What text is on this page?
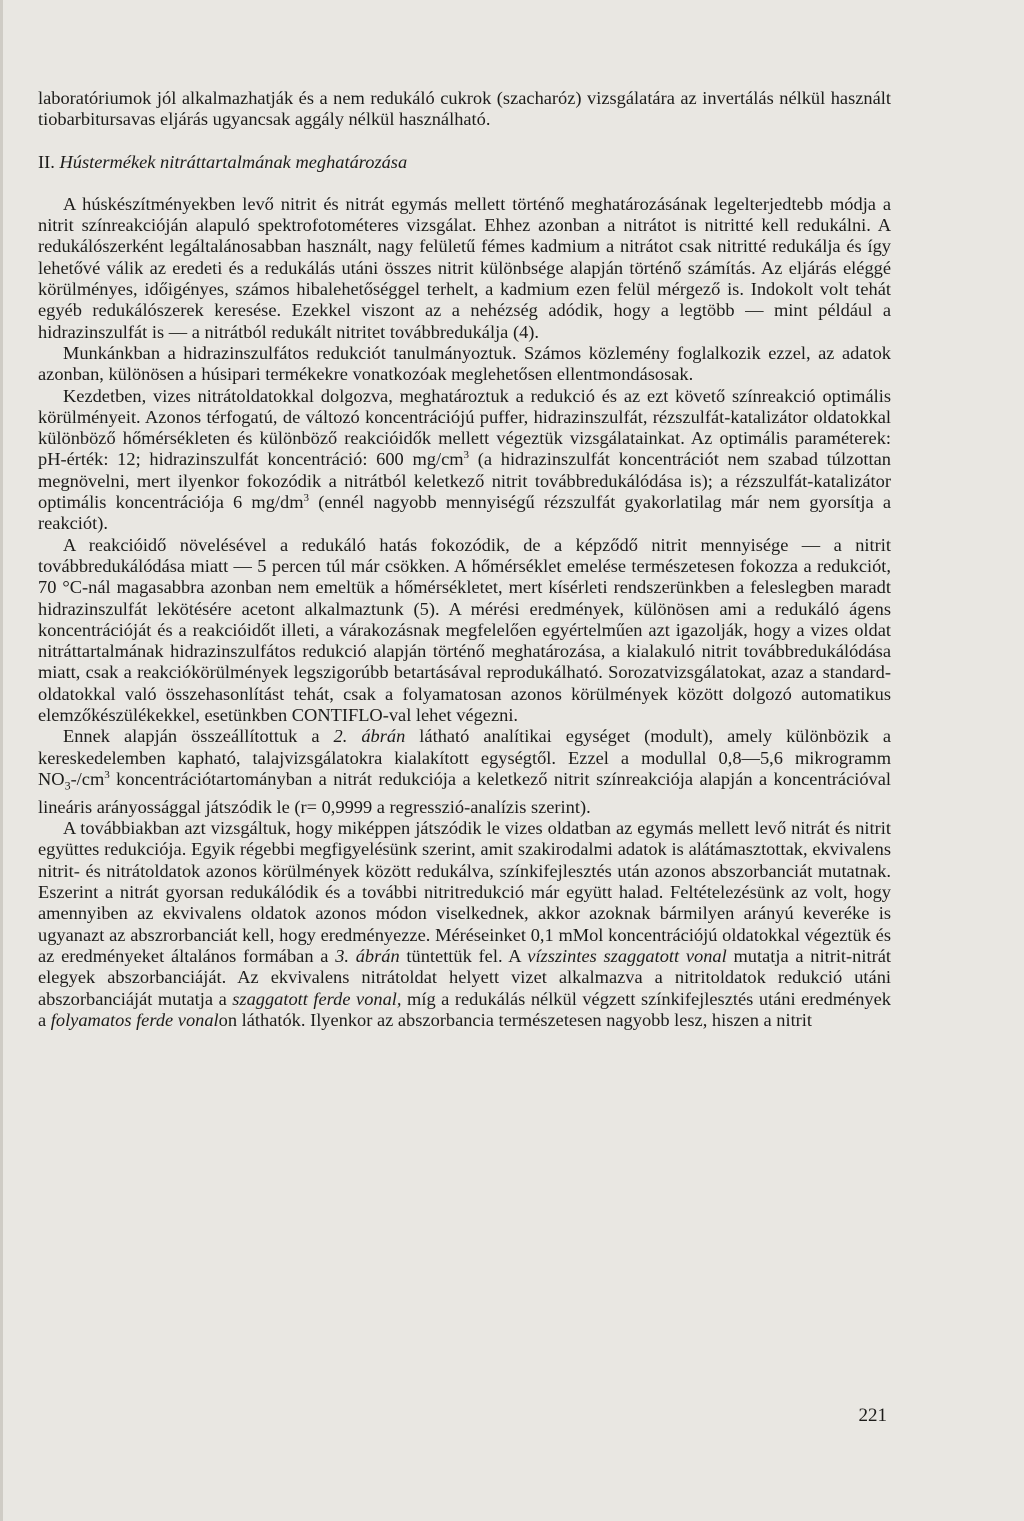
laboratóriumok jól alkalmazhatják és a nem redukáló cukrok (szacharóz) vizsgálatára az invertálás nélkül használt tiobarbitursavas eljárás ugyancsak aggály nélkül használható.

II. Hústermékek nitráttartalmának meghatározása

A húskészítményekben levő nitrit és nitrát egymás mellett történő meghatározásának legelterjedtebb módja a nitrit színreakcióján alapuló spektrofotométeres vizsgálat. Ehhez azonban a nitrátot is nitritté kell redukálni. A redukálószerként legáltalánosabban használt, nagy felületű fémes kadmium a nitrátot csak nitritté redukálja és így lehetővé válik az eredeti és a redukálás utáni összes nitrit különbsége alapján történő számítás. Az eljárás eléggé körülményes, időigényes, számos hibalehetőséggel terhelt, a kadmium ezen felül mérgező is. Indokolt volt tehát egyéb redukálószerek keresése. Ezekkel viszont az a nehézség adódik, hogy a legtöbb — mint például a hidrazinszulfát is — a nitrátból redukált nitritet továbbredukálja (4).

Munkánkban a hidrazinszulfátos redukciót tanulmányoztuk. Számos közlemény foglalkozik ezzel, az adatok azonban, különösen a húsipari termékekre vonatkozóak meglehetősen ellentmondásosak.

Kezdetben, vizes nitrátoldatokkal dolgozva, meghatároztuk a redukció és az ezt követő színreakció optimális körülményeit. Azonos térfogatú, de változó koncentrációjú puffer, hidrazinszulfát, rézszulfát-katalizátor oldatokkal különböző hőmérsékleten és különböző reakcióidők mellett végeztük vizsgálatainkat. Az optimális paraméterek: pH-érték: 12; hidrazinszulfát koncentráció: 600 $mg/cm^3$ (a hidrazinszulfát koncentrációt nem szabad túlzottan megnövelni, mert ilyenkor fokozódik a nitrátból keletkező nitrit továbbredukálódása is); a rézszulfát-katalizátor optimális koncentrációja 6 $mg/dm^3$ (ennél nagyobb mennyiségű rézszulfát gyakorlatilag már nem gyorsítja a reakciót).

A reakcióidő növelésével a redukáló hatás fokozódik, de a képződő nitrit mennyisége — a nitrit továbbredukálódása miatt — 5 percen túl már csökken. A hőmérséklet emelése természetesen fokozza a redukciót, 70 °C-nál magasabbra azonban nem emeltük a hőmérsékletet, mert kísérleti rendszerünkben a feleslegben maradt hidrazinszulfát lekötésére acetont alkalmaztunk (5). A mérési eredmények, különösen ami a redukáló ágens koncentrációját és a reakcióidőt illeti, a várakozásnak megfelelően egyértelműen azt igazolják, hogy a vizes oldat nitráttartalmának hidrazinszulfátos redukció alapján történő meghatározása, a kialakuló nitrit továbbredukálódása miatt, csak a reakciókörülmények legszigorúbb betartásával reprodukálható. Sorozatvizsgálatokat, azaz a standard-oldatokkal való összehasonlítást tehát, csak a folyamatosan azonos körülmények között dolgozó automatikus elemzőkészülékekkel, esetünkben CONTIFLO-val lehet végezni.

Ennek alapján összeállítottuk a 2. ábrán látható analítikai egységet (modult), amely különbözik a kereskedelemben kapható, talajvizsgálatokra kialakított egységtől. Ezzel a modullal 0,8—5,6 mikrogramm $NO_3-/cm^3$ koncentrációtartományban a nitrát redukciója a keletkező nitrit színreakciója alapján a koncentrációval lineáris arányossággal játszódik le (r= 0,9999 a regresszió-analízis szerint).

A továbbiakban azt vizsgáltuk, hogy miképpen játszódik le vizes oldatban az egymás mellett levő nitrát és nitrit együttes redukciója. Egyik régebbi megfigyelésünk szerint, amit szakirodalmi adatok is alátámasztottak, ekvivalens nitrit- és nitrátoldatok azonos körülmények között redukálva, színkifejlesztés után azonos abszorbanciát mutatnak. Eszerint a nitrát gyorsan redukálódik és a további nitritredukció már együtt halad. Feltételezésünk az volt, hogy amennyiben az ekvivalens oldatok azonos módon viselkednek, akkor azoknak bármilyen arányú keveréke is ugyanazt az abszrorbanciát kell, hogy eredményezze. Méréseinket 0,1 mMol koncentrációjú oldatokkal végeztük és az eredményeket általános formában a 3. ábrán tüntettük fel. A vízszintes szaggatott vonal mutatja a nitrit-nitrát elegyek abszorbanciáját. Az ekvivalens nitrátoldat helyett vizet alkalmazva a nitritoldatok redukció utáni abszorbanciáját mutatja a szaggatott ferde vonal, míg a redukálás nélkül végzett színkifejlesztés utáni eredmények a folyamatos ferde vonalon láthatók. Ilyenkor az abszorbancia természetesen nagyobb lesz, hiszen a nitrit

221
